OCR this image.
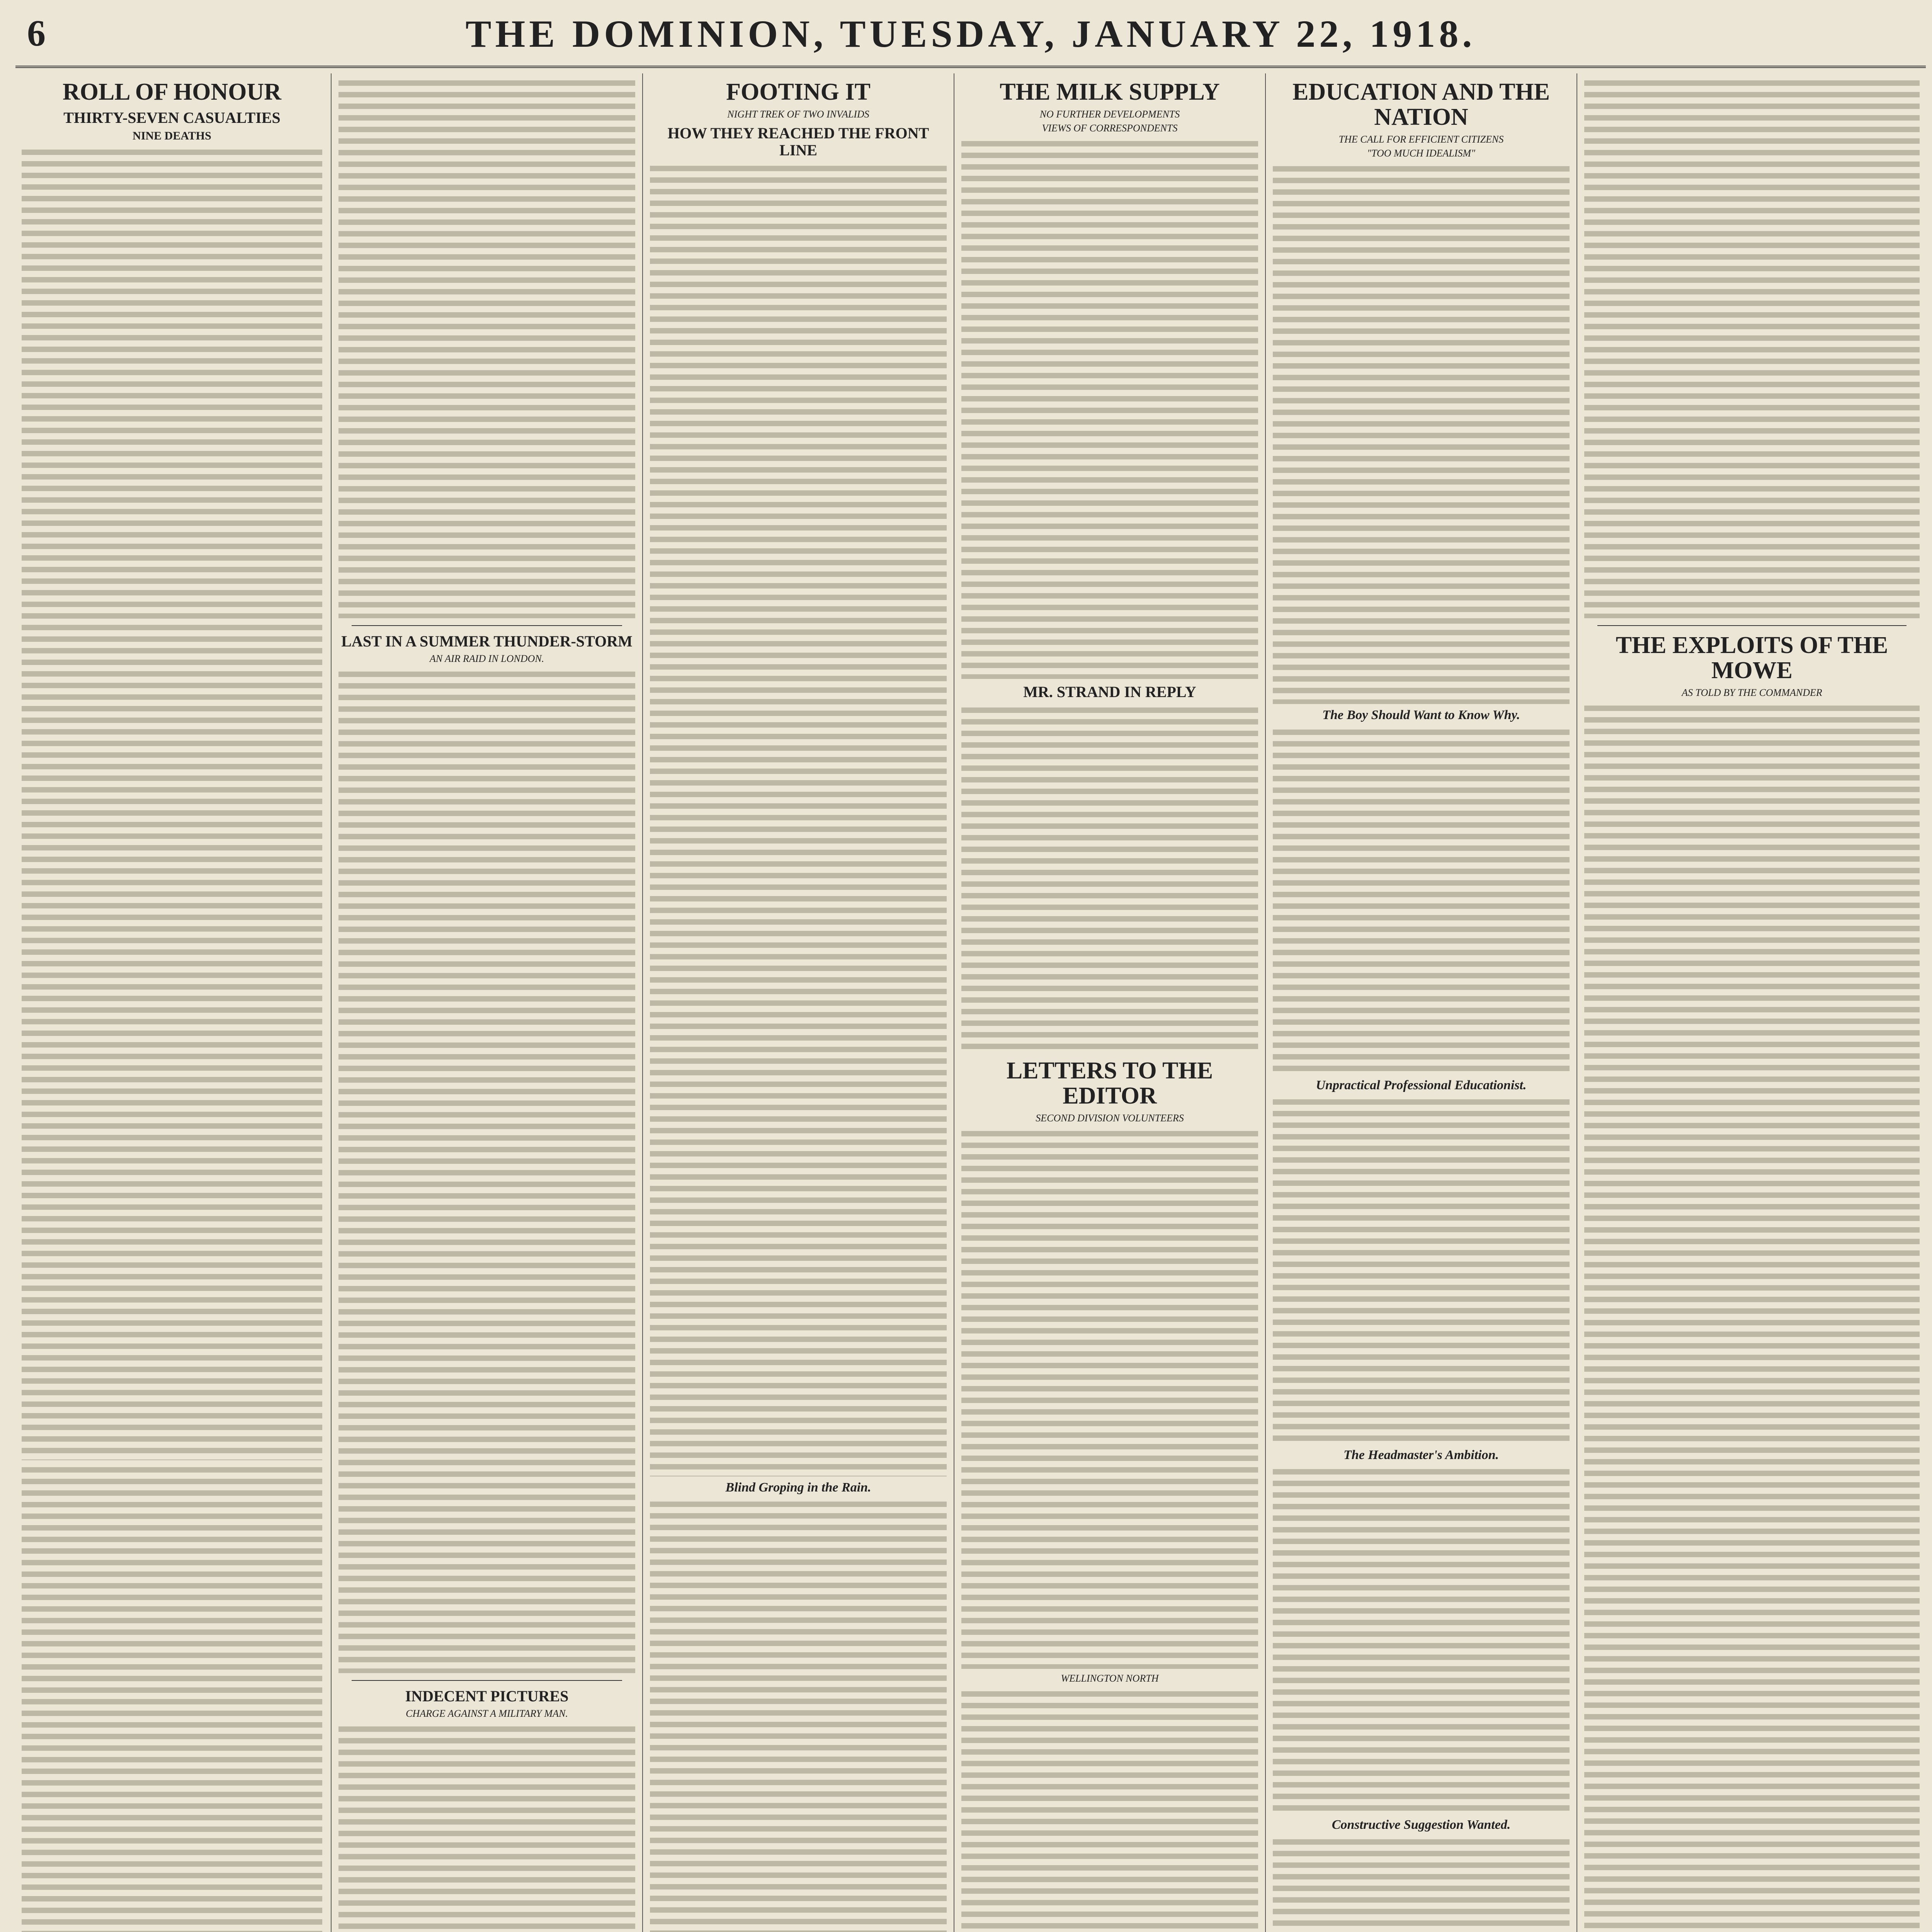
THE DOMINION, TUESDAY, JANUARY 22, 1918.
6
ROLL OF HONOUR
THIRTY-SEVEN CASUALTIES
NINE DEATHS
LAST IN A SUMMER THUNDER-STORM
AN AIR RAID IN LONDON.
INDECENT PICTURES
CHARGE AGAINST A MILITARY MAN.
FOOTING IT
NIGHT TREK OF TWO INVALIDS
HOW THEY REACHED THE FRONT LINE
Blind Groping in the Rain.
THE MILK SUPPLY
NO FURTHER DEVELOPMENTS
VIEWS OF CORRESPONDENTS
MR. STRAND IN REPLY
LETTERS TO THE EDITOR
SECOND DIVISION VOLUNTEERS
WELLINGTON NORTH
EDUCATION AND THE NATION
THE CALL FOR EFFICIENT CITIZENS
"TOO MUCH IDEALISM"
The Boy Should Want to Know Why.
Unpractical Professional Educationist.
The Headmaster's Ambition.
Constructive Suggestion Wanted.
THE EXPLOITS OF THE MOWE
AS TOLD BY THE COMMANDER
